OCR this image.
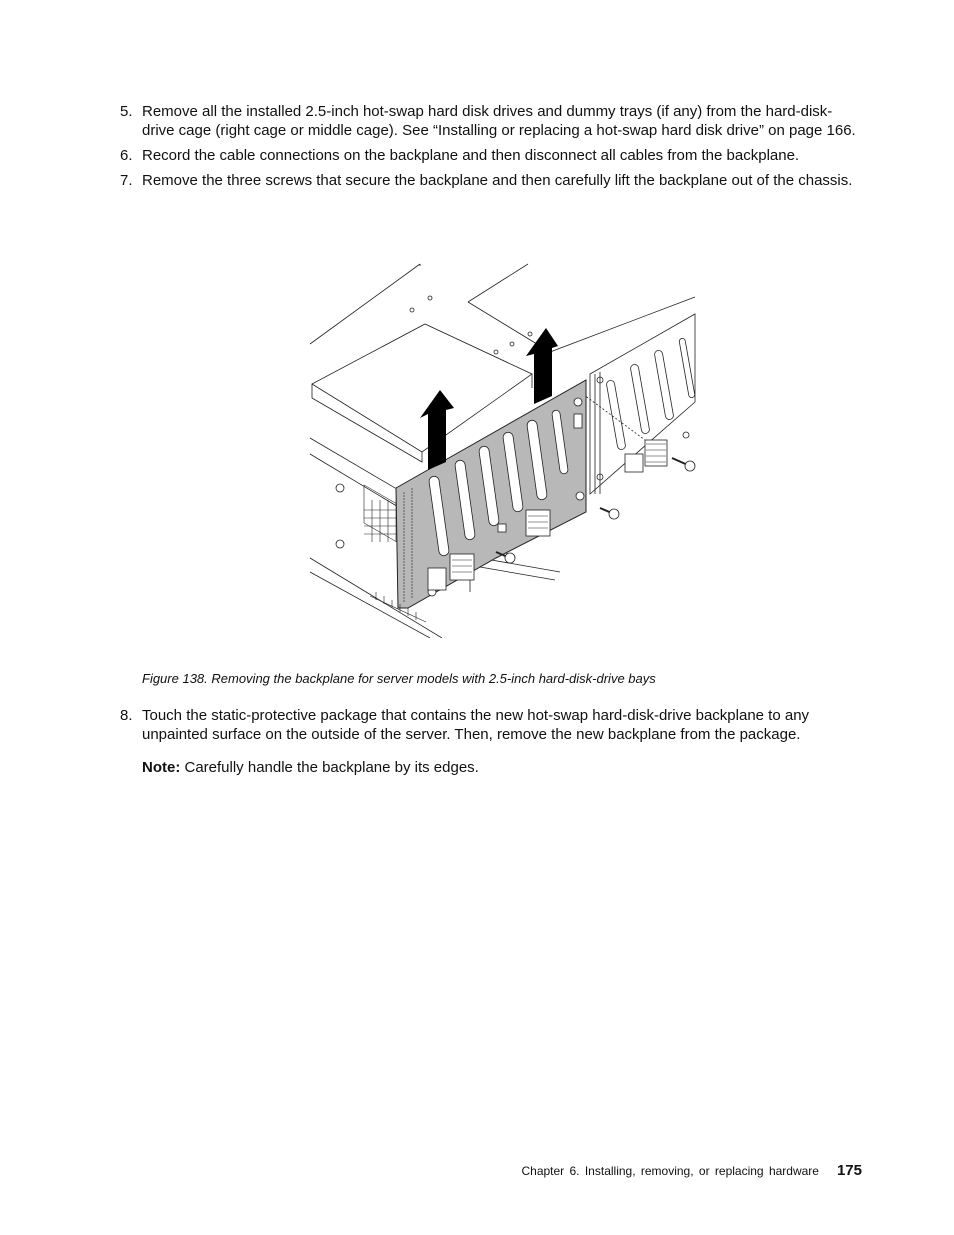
5. Remove all the installed 2.5-inch hot-swap hard disk drives and dummy trays (if any) from the hard-disk-drive cage (right cage or middle cage). See “Installing or replacing a hot-swap hard disk drive” on page 166.
6. Record the cable connections on the backplane and then disconnect all cables from the backplane.
7. Remove the three screws that secure the backplane and then carefully lift the backplane out of the chassis.
Figure 138. Removing the backplane for server models with 2.5-inch hard-disk-drive bays
8. Touch the static-protective package that contains the new hot-swap hard-disk-drive backplane to any unpainted surface on the outside of the server. Then, remove the new backplane from the package.
Note: Carefully handle the backplane by its edges.
Chapter 6. Installing, removing, or replacing hardware 175
